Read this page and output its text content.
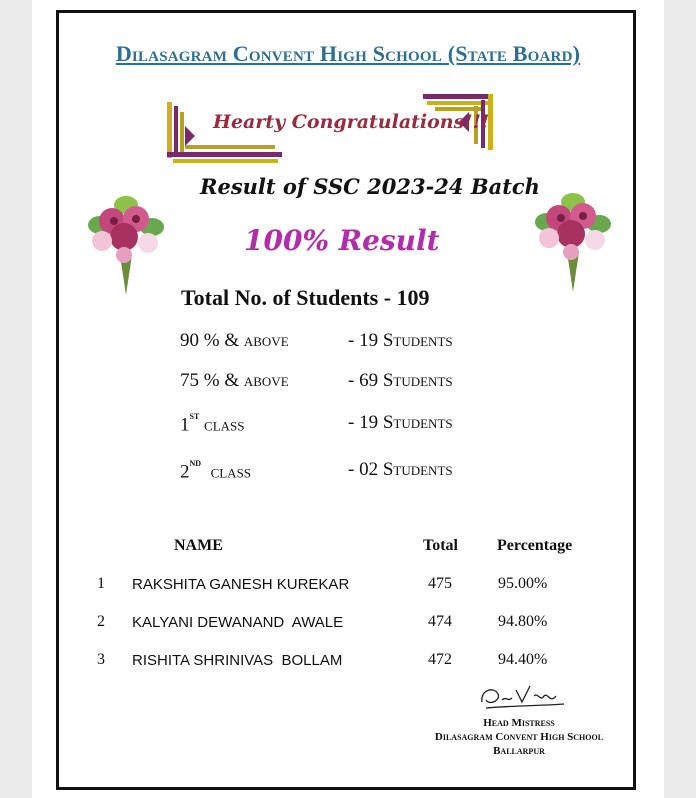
Dilasagram Convent High School (State Board)
Hearty Congratulations!!!
Result of SSC 2023-24 Batch
100% Result
Total No. of Students - 109
90 % & above	- 19 Students
75 % & above	- 69 Students
1st class	- 19 Students
2nd  class	- 02 Students
NAME	Total Percentage
1 RAKSHITA GANESH KUREKAR	475	95.00%
2 KALYANI DEWANAND  AWALE	474	94.80%
3 RISHITA SHRINIVAS  BOLLAM	472	94.40%
Head Mistress
Dilasagram Convent High School
Ballarpur
